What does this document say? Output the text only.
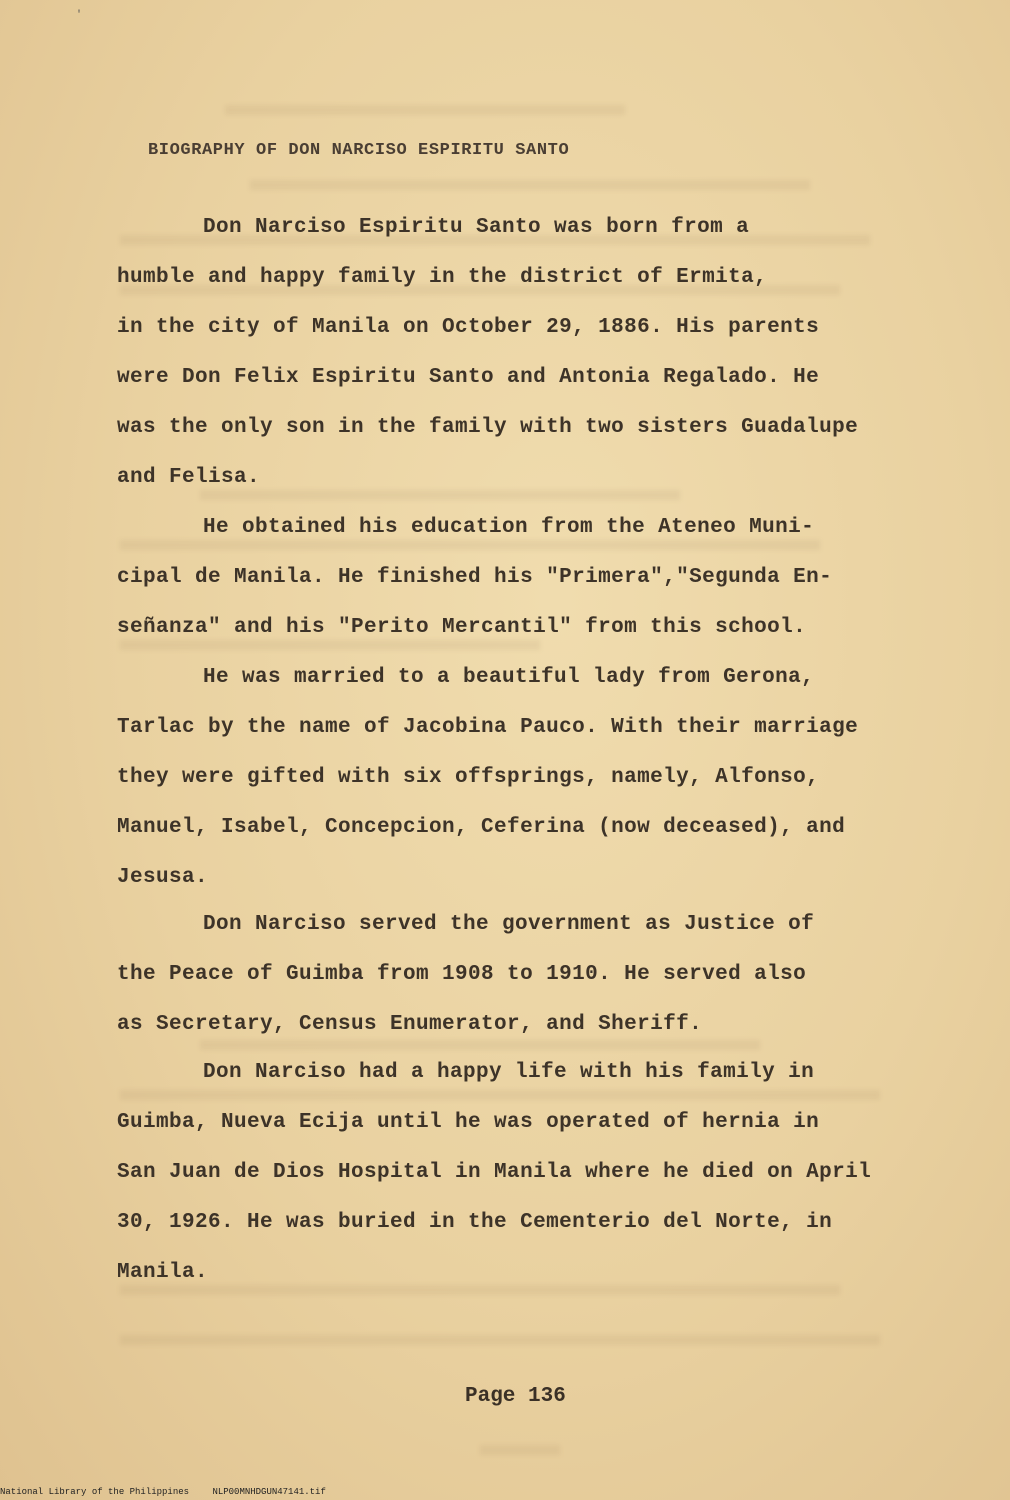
'
BIOGRAPHY OF DON NARCISO ESPIRITU SANTO
Don Narciso Espiritu Santo was born from a
humble and happy family in the district of Ermita,
in the city of Manila on October 29, 1886. His parents
were Don Felix Espiritu Santo and Antonia Regalado. He
was the only son in the family with two sisters Guadalupe
and Felisa.
He obtained his education from the Ateneo Muni-
cipal de Manila. He finished his "Primera","Segunda En-
señanza" and his "Perito Mercantil" from this school.
He was married to a beautiful lady from Gerona,
Tarlac by the name of Jacobina Pauco. With their marriage
they were gifted with six offsprings, namely, Alfonso,
Manuel, Isabel, Concepcion, Ceferina (now deceased), and
Jesusa.
Don Narciso served the government as Justice of
the Peace of Guimba from 1908 to 1910. He served also
as Secretary, Census Enumerator, and Sheriff.
Don Narciso had a happy life with his family in
Guimba, Nueva Ecija until he was operated of hernia in
San Juan de Dios Hospital in Manila where he died on April
30, 1926. He was buried in the Cementerio del Norte, in
Manila.
Page 136
National Library of the Philippines	NLP00MNHDGUN47141.tif
